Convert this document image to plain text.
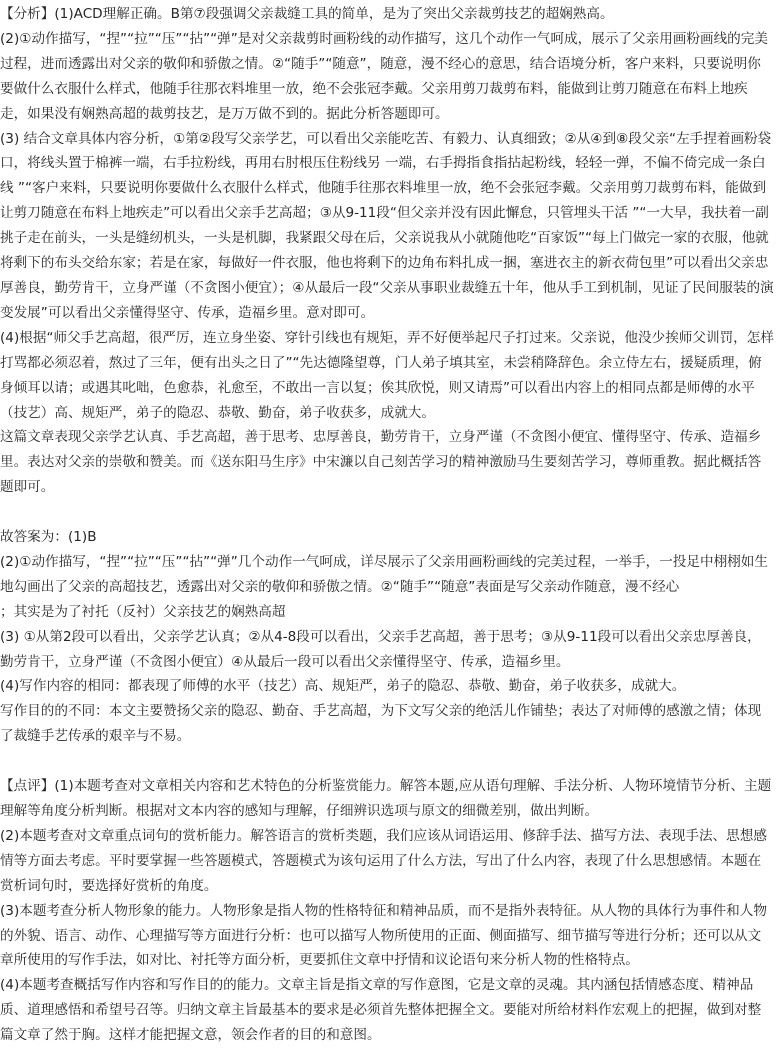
【分析】(1)ACD理解正确。B第⑦段强调父亲裁缝工具的简单，是为了突出父亲裁剪技艺的超娴熟高。

(2)①动作描写，“捏”“拉”“压”“拈”“弹”是对父亲裁剪时画粉线的动作描写，这几个动作一气呵成，展示了父亲用画粉画线的完美过程，进而透露出对父亲的敬仰和骄傲之情。②“随手”“随意”，随意，漫不经心的意思，结合语境分析，客户来料，只要说明你要做什么衣服什么样式，他随手往那衣料堆里一放，绝不会张冠李戴。父亲用剪刀裁剪布料，能做到让剪刀随意在布料上地疾走，如果没有娴熟高超的裁剪技艺，是万万做不到的。据此分析答题即可。

(3) 结合文章具体内容分析，①第②段写父亲学艺，可以看出父亲能吃苦、有毅力、认真细致；②从④到⑧段父亲“左手捏着画粉袋口，将线头置于棉裤一端，右手拉粉线，再用右肘根压住粉线另 一端，右手拇指食指拈起粉线，轻轻一弹，不偏不倚完成一条白线 ”“客户来料，只要说明你要做什么衣服什么样式，他随手往那衣料堆里一放，绝不会张冠李戴。父亲用剪刀裁剪布料，能做到让剪刀随意在布料上地疾走”可以看出父亲手艺高超；③从9-11段“但父亲并没有因此懈怠，只管埋头干活 ”“一大早，我扶着一副挑子走在前头，一头是缝纫机头，一头是机脚，我紧跟父母在后，父亲说我从小就随他吃“百家饭”“每上门做完一家的衣服，他就将剩下的布头交给东家；若是在家，每做好一件衣服，他也将剩下的边角布料扎成一捆，塞进衣主的新衣荷包里”可以看出父亲忠厚善良，勤劳肯干，立身严谨（不贪图小便宜）；④从最后一段“父亲从事职业裁缝五十年，他从手工到机制，见证了民间服装的演变发展”可以看出父亲懂得坚守、传承，造福乡里。意对即可。

(4)根据“师父手艺高超，很严厉，连立身坐姿、穿针引线也有规矩，弄不好便举起尺子打过来。父亲说，他没少挨师父训罚，怎样打骂都必须忍着，熬过了三年，便有出头之日了”“先达德隆望尊，门人弟子填其室，未尝稍降辞色。余立侍左右，援疑质理，俯身倾耳以请；或遇其叱咄，色愈恭，礼愈至，不敢出一言以复；俟其欣悦，则又请焉”可以看出内容上的相同点都是师傅的水平（技艺）高、规矩严，弟子的隐忍、恭敬、勤奋，弟子收获多，成就大。

这篇文章表现父亲学艺认真、手艺高超，善于思考、忠厚善良，勤劳肯干，立身严谨（不贪图小便宜、懂得坚守、传承、造福乡里。表达对父亲的崇敬和赞美。而《送东阳马生序》中宋濂以自己刻苦学习的精神激励马生要刻苦学习，尊师重教。据此概括答题即可。

故答案为：(1)B

(2)①动作描写，“捏”“拉”“压”“拈”“弹”几个动作一气呵成，详尽展示了父亲用画粉画线的完美过程，一举手，一投足中栩栩如生地勾画出了父亲的高超技艺，透露出对父亲的敬仰和骄傲之情。②“随手”“随意”表面是写父亲动作随意，漫不经心

；其实是为了衬托（反衬）父亲技艺的娴熟高超

(3) ①从第2段可以看出，父亲学艺认真；②从4-8段可以看出，父亲手艺高超，善于思考；③从9-11段可以看出父亲忠厚善良，勤劳肯干，立身严谨（不贪图小便宜）④从最后一段可以看出父亲懂得坚守、传承，造福乡里。

(4)写作内容的相同：都表现了师傅的水平（技艺）高、规矩严，弟子的隐忍、恭敬、勤奋，弟子收获多，成就大。

写作目的的不同：本文主要赞扬父亲的隐忍、勤奋、手艺高超，为下文写父亲的绝活儿作铺垫；表达了对师傅的感激之情；体现了裁缝手艺传承的艰辛与不易。

【点评】(1)本题考查对文章相关内容和艺术特色的分析鉴赏能力。解答本题,应从语句理解、手法分析、人物环境情节分析、主题理解等角度分析判断。根据对文本内容的感知与理解，仔细辨识选项与原文的细微差别，做出判断。

(2)本题考查对文章重点词句的赏析能力。解答语言的赏析类题，我们应该从词语运用、修辞手法、描写方法、表现手法、思想感情等方面去考虑。平时要掌握一些答题模式，答题模式为该句运用了什么方法，写出了什么内容，表现了什么思想感情。本题在赏析词句时，要选择好赏析的角度。

(3)本题考查分析人物形象的能力。人物形象是指人物的性格特征和精神品质，而不是指外表特征。从人物的具体行为事件和人物的外貌、语言、动作、心理描写等方面进行分析：也可以描写人物所使用的正面、侧面描写、细节描写等进行分析；还可以从文章所使用的写作手法，如对比、衬托等方面分析，更要抓住文章中抒情和议论语句来分析人物的性格特点。

(4)本题考查概括写作内容和写作目的的能力。文章主旨是指文章的写作意图，它是文章的灵魂。其内涵包括情感态度、精神品质、道理感悟和希望号召等。归纳文章主旨最基本的要求是必须首先整体把握全文。要能对所给材料作宏观上的把握，做到对整篇文章了然于胸。这样才能把握文意，领会作者的目的和意图。
